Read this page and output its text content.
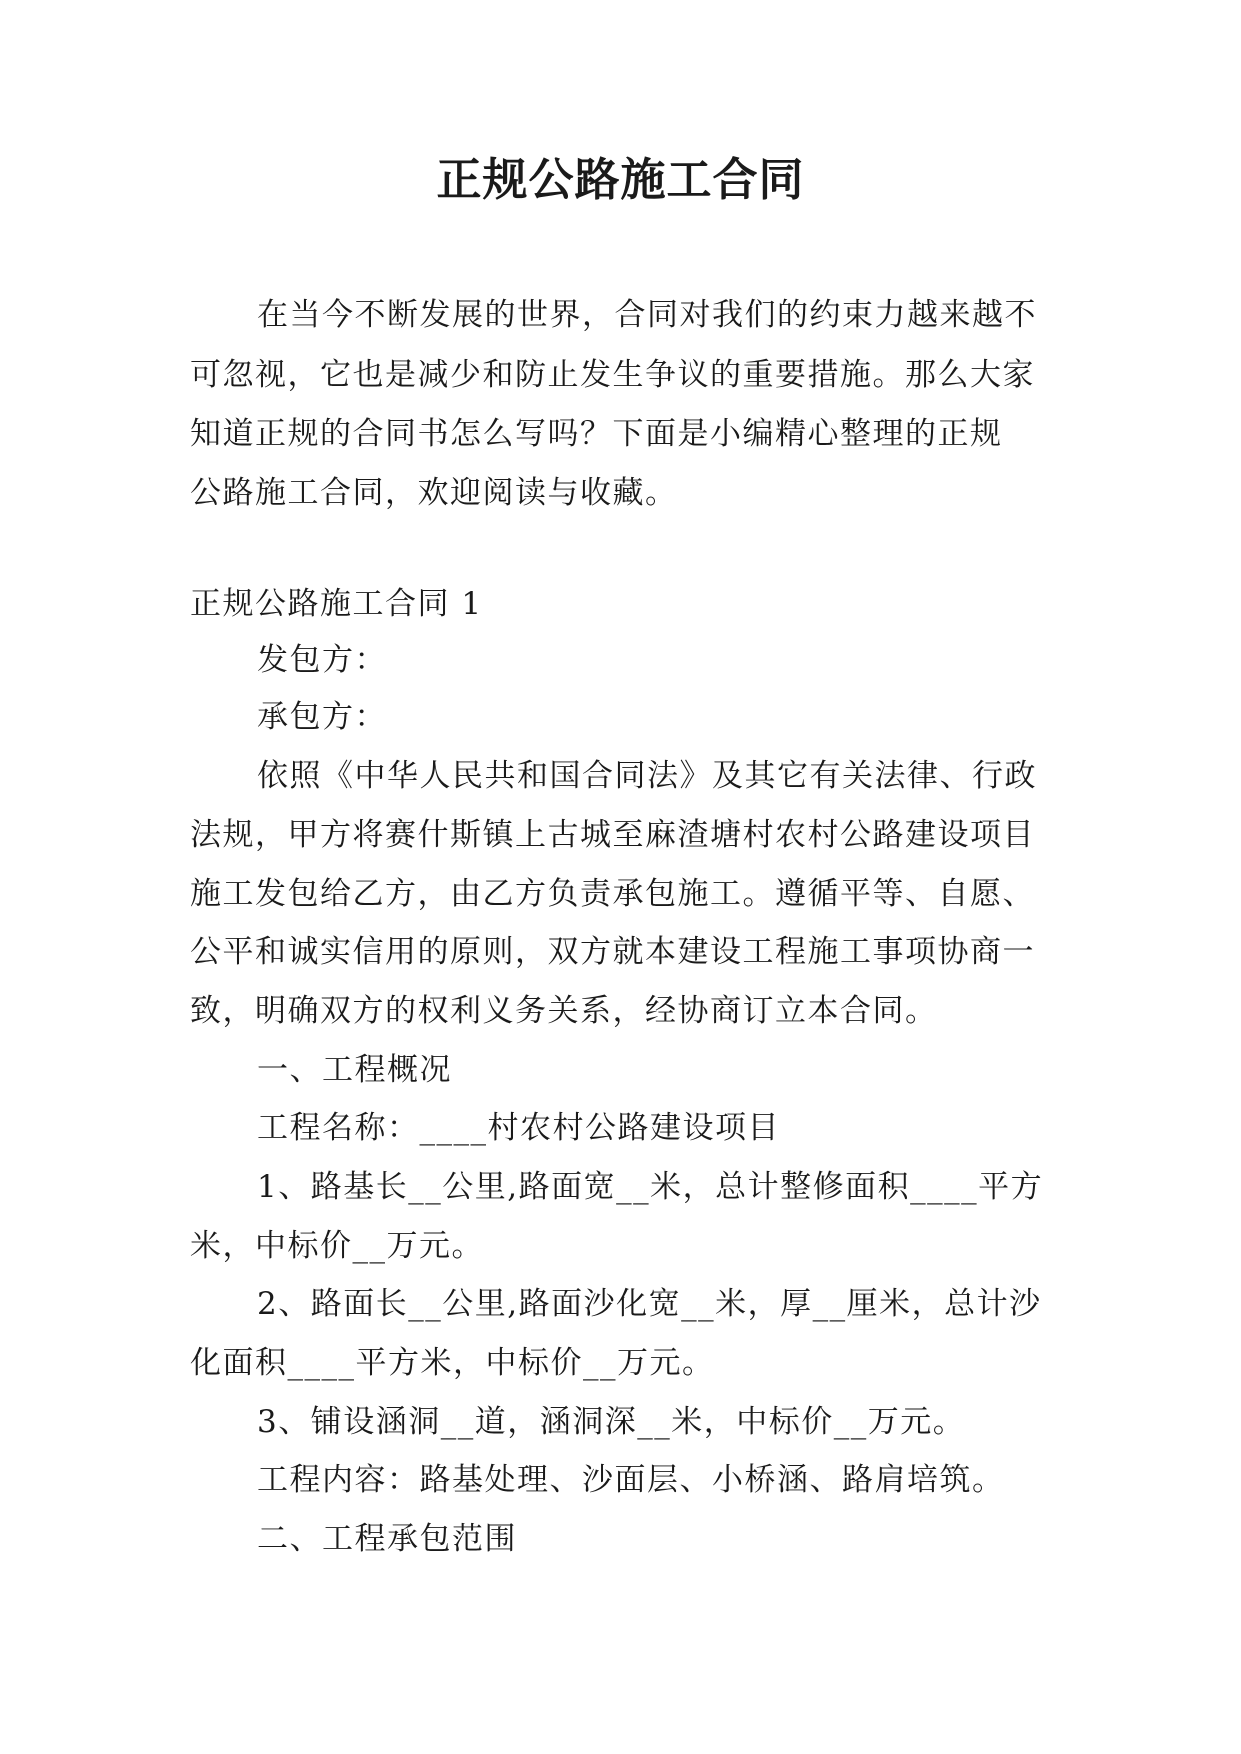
正规公路施工合同
在当今不断发展的世界，合同对我们的约束力越来越不
可忽视，它也是减少和防止发生争议的重要措施。那么大家
知道正规的合同书怎么写吗？下面是小编精心整理的正规
公路施工合同，欢迎阅读与收藏。
正规公路施工合同 1
发包方：
承包方：
依照《中华人民共和国合同法》及其它有关法律、行政
法规，甲方将赛什斯镇上古城至麻渣塘村农村公路建设项目
施工发包给乙方，由乙方负责承包施工。遵循平等、自愿、
公平和诚实信用的原则，双方就本建设工程施工事项协商一
致，明确双方的权利义务关系，经协商订立本合同。
一、工程概况
工程名称：____村农村公路建设项目
1、路基长__公里,路面宽__米，总计整修面积____平方
米，中标价__万元。
2、路面长__公里,路面沙化宽__米，厚__厘米，总计沙
化面积____平方米，中标价__万元。
3、铺设涵洞__道，涵洞深__米，中标价__万元。
工程内容：路基处理、沙面层、小桥涵、路肩培筑。
二、工程承包范围
